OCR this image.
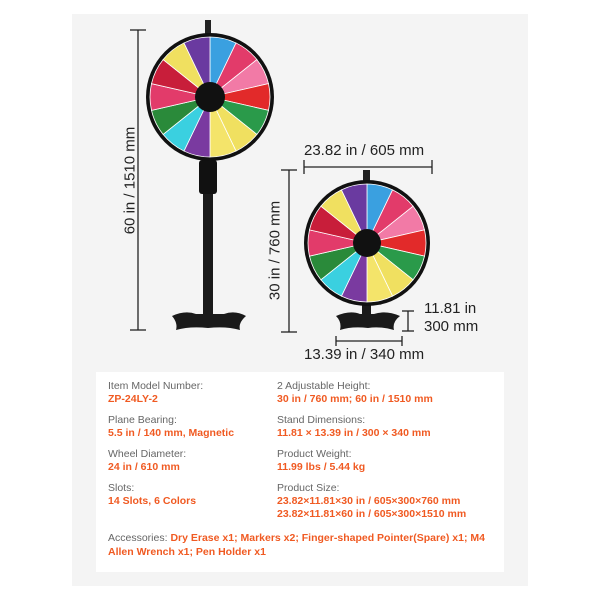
60 in / 1510 mm
30 in / 760 mm
23.82 in / 605 mm
11.81 in
300 mm
13.39 in / 340 mm
Item Model Number:
ZP-24LY-2
Plane Bearing:
5.5 in / 140 mm, Magnetic
Wheel Diameter:
24 in / 610 mm
Slots:
14 Slots, 6 Colors
2 Adjustable Height:
30 in / 760 mm; 60 in / 1510 mm
Stand Dimensions:
11.81 × 13.39 in / 300 × 340 mm
Product Weight:
11.99 lbs / 5.44 kg
Product Size:
23.82×11.81×30 in / 605×300×760 mm
23.82×11.81×60 in / 605×300×1510 mm
Accessories: Dry Erase x1; Markers x2; Finger-shaped Pointer(Spare) x1; M4 Allen Wrench x1; Pen Holder x1
